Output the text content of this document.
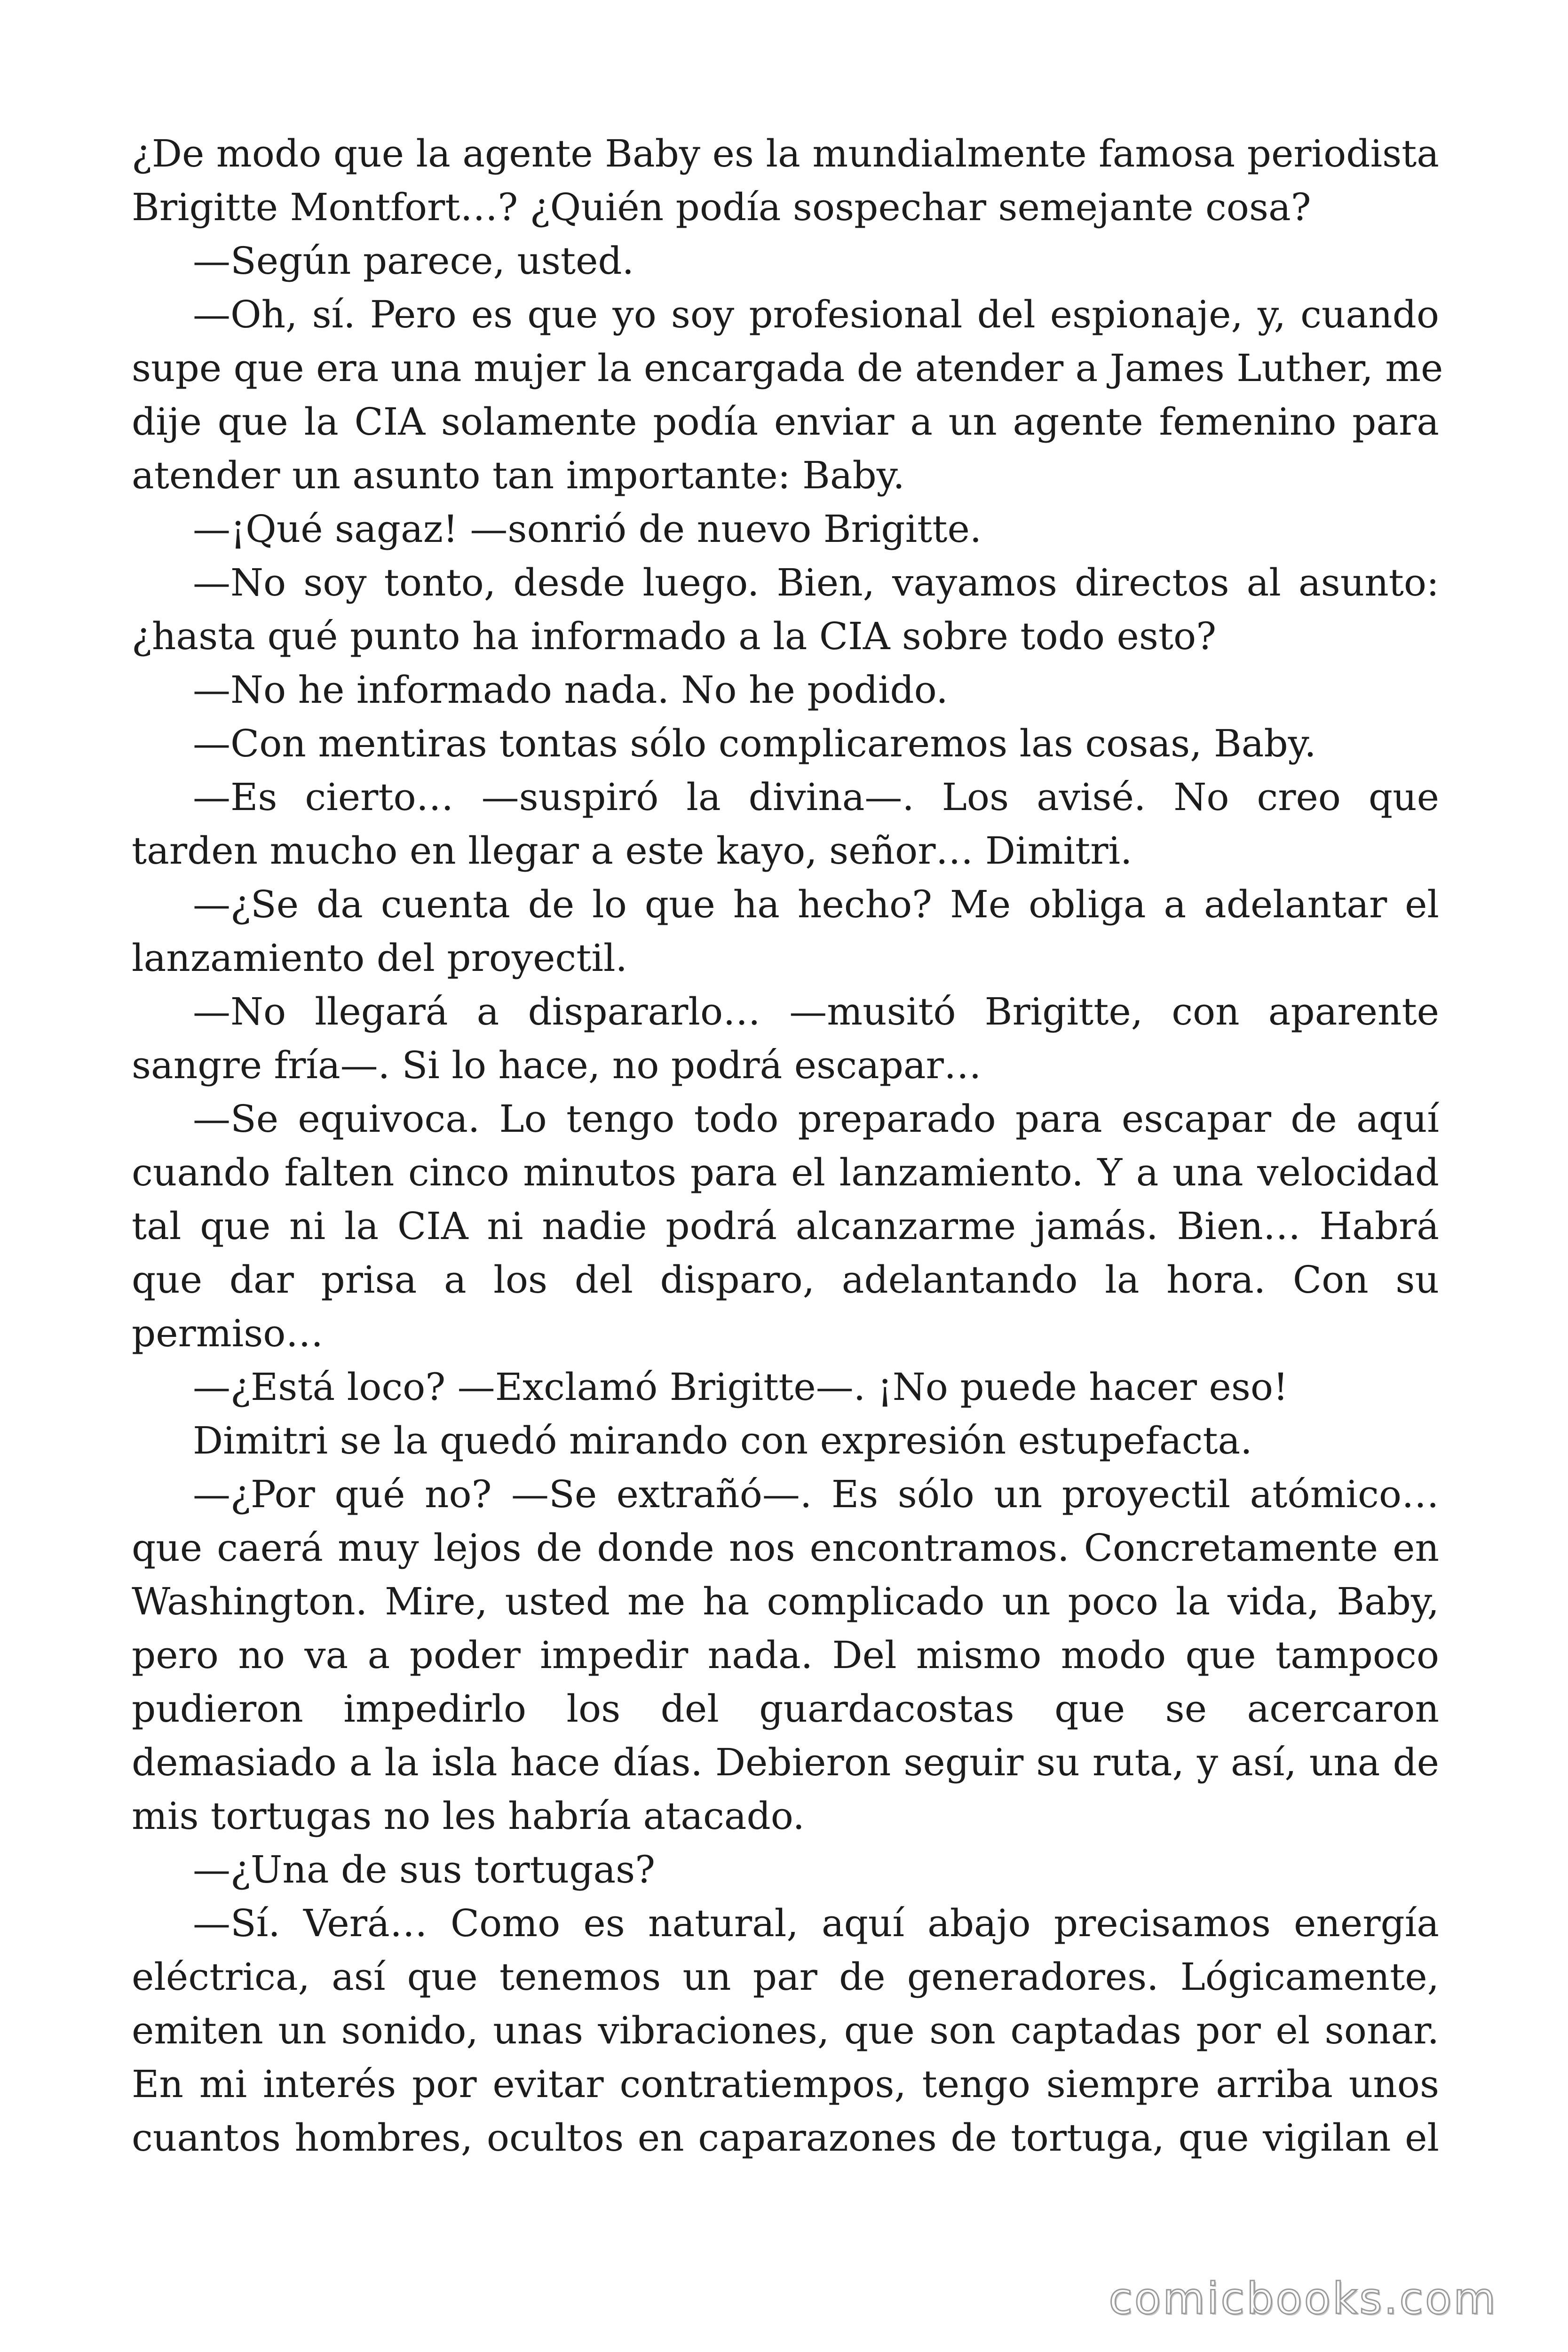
¿De modo que la agente Baby es la mundialmente famosa periodista
Brigitte Montfort…? ¿Quién podía sospechar semejante cosa?
—Según parece, usted.
—Oh, sí. Pero es que yo soy profesional del espionaje, y, cuando
supe que era una mujer la encargada de atender a James Luther, me
dije que la CIA solamente podía enviar a un agente femenino para
atender un asunto tan importante: Baby.
—¡Qué sagaz! —sonrió de nuevo Brigitte.
—No soy tonto, desde luego. Bien, vayamos directos al asunto:
¿hasta qué punto ha informado a la CIA sobre todo esto?
—No he informado nada. No he podido.
—Con mentiras tontas sólo complicaremos las cosas, Baby.
—Es cierto… —suspiró la divina—. Los avisé. No creo que
tarden mucho en llegar a este kayo, señor… Dimitri.
—¿Se da cuenta de lo que ha hecho? Me obliga a adelantar el
lanzamiento del proyectil.
—No llegará a dispararlo… —musitó Brigitte, con aparente
sangre fría—. Si lo hace, no podrá escapar…
—Se equivoca. Lo tengo todo preparado para escapar de aquí
cuando falten cinco minutos para el lanzamiento. Y a una velocidad
tal que ni la CIA ni nadie podrá alcanzarme jamás. Bien… Habrá
que dar prisa a los del disparo, adelantando la hora. Con su
permiso…
—¿Está loco? —Exclamó Brigitte—. ¡No puede hacer eso!
Dimitri se la quedó mirando con expresión estupefacta.
—¿Por qué no? —Se extrañó—. Es sólo un proyectil atómico…
que caerá muy lejos de donde nos encontramos. Concretamente en
Washington. Mire, usted me ha complicado un poco la vida, Baby,
pero no va a poder impedir nada. Del mismo modo que tampoco
pudieron impedirlo los del guardacostas que se acercaron
demasiado a la isla hace días. Debieron seguir su ruta, y así, una de
mis tortugas no les habría atacado.
—¿Una de sus tortugas?
—Sí. Verá… Como es natural, aquí abajo precisamos energía
eléctrica, así que tenemos un par de generadores. Lógicamente,
emiten un sonido, unas vibraciones, que son captadas por el sonar.
En mi interés por evitar contratiempos, tengo siempre arriba unos
cuantos hombres, ocultos en caparazones de tortuga, que vigilan el
comicbooks.com
